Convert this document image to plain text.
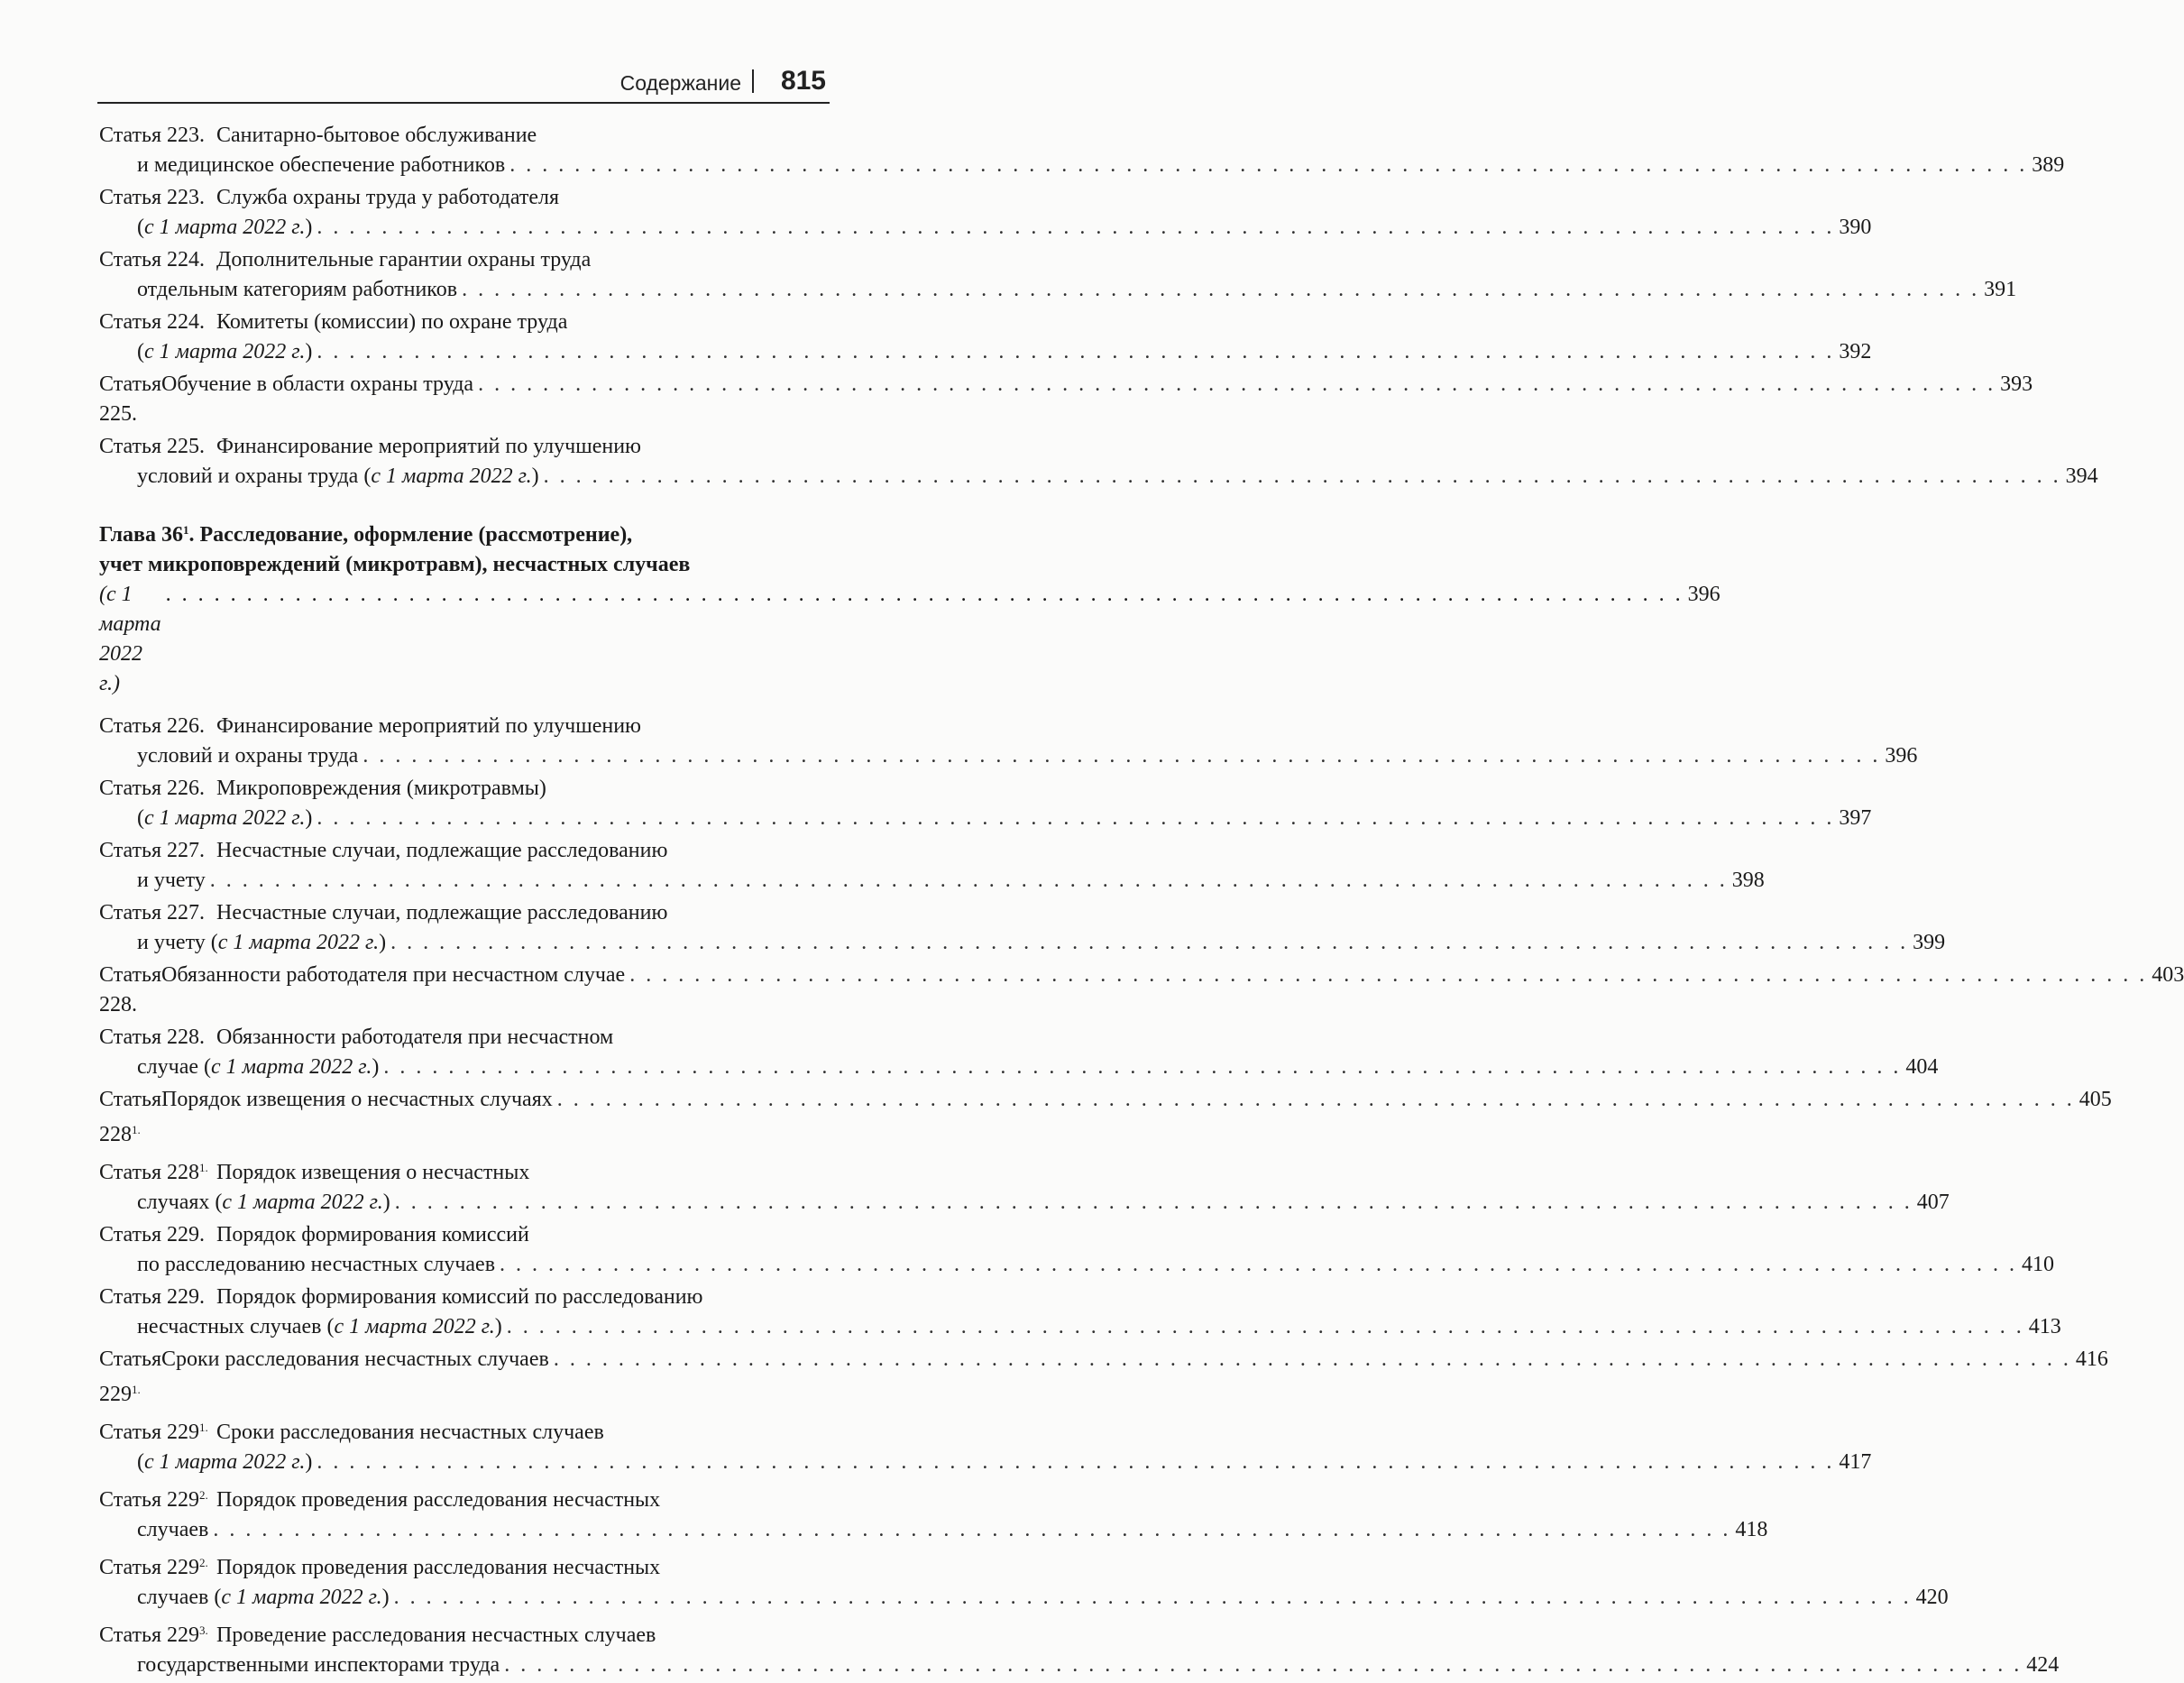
Содержание 815
Статья 223. Санитарно-бытовое обслуживание
и медицинское обеспечение работников . . . . . . . . . . . . . . . . . . . . . . . . . . . . . . . . . . . . . . . . . . . . . . . . . . . . . . . . . . . . . . . . . . . . . . . . . . . . . . . . . . . . . . . . . . . . . . 389
Статья 223. Служба охраны труда у работодателя
(с 1 марта 2022 г.) . . . . . . . . . . . . . . . . . . . . . . . . . . . . . . . . . . . . . . . . . . . . . . . . . . . . . . . . . . . . . . . . . . . . . . . . . . . . . . . . . . . . . . . . . . . . . . 390
Статья 224. Дополнительные гарантии охраны труда
отдельным категориям работников . . . . . . . . . . . . . . . . . . . . . . . . . . . . . . . . . . . . . . . . . . . . . . . . . . . . . . . . . . . . . . . . . . . . . . . . . . . . . . . . . . . . . . . . . . . . . . 391
Статья 224. Комитеты (комиссии) по охране труда
(с 1 марта 2022 г.) . . . . . . . . . . . . . . . . . . . . . . . . . . . . . . . . . . . . . . . . . . . . . . . . . . . . . . . . . . . . . . . . . . . . . . . . . . . . . . . . . . . . . . . . . . . . . . 392
Статья 225.
Обучение в области охраны труда . . . . . . . . . . . . . . . . . . . . . . . . . . . . . . . . . . . . . . . . . . . . . . . . . . . . . . . . . . . . . . . . . . . . . . . . . . . . . . . . . . . . . . . . . . . . . . 393
Статья 225. Финансирование мероприятий по улучшению
условий и охраны труда (с 1 марта 2022 г.) . . . . . . . . . . . . . . . . . . . . . . . . . . . . . . . . . . . . . . . . . . . . . . . . . . . . . . . . . . . . . . . . . . . . . . . . . . . . . . . . . . . . . . . . . . . . . . 394
Глава $36^1$. Расследование, оформление (рассмотрение),
учет микроповреждений (микротравм), несчастных случаев
(с 1 марта 2022 г.)
. . . . . . . . . . . . . . . . . . . . . . . . . . . . . . . . . . . . . . . . . . . . . . . . . . . . . . . . . . . . . . . . . . . . . . . . . . . . . . . . . . . . . . . . . . . . . . 396
Статья 226. Финансирование мероприятий по улучшению
условий и охраны труда . . . . . . . . . . . . . . . . . . . . . . . . . . . . . . . . . . . . . . . . . . . . . . . . . . . . . . . . . . . . . . . . . . . . . . . . . . . . . . . . . . . . . . . . . . . . . . 396
Статья 226. Микроповреждения (микротравмы)
(с 1 марта 2022 г.) . . . . . . . . . . . . . . . . . . . . . . . . . . . . . . . . . . . . . . . . . . . . . . . . . . . . . . . . . . . . . . . . . . . . . . . . . . . . . . . . . . . . . . . . . . . . . . 397
Статья 227. Несчастные случаи, подлежащие расследованию
и учету . . . . . . . . . . . . . . . . . . . . . . . . . . . . . . . . . . . . . . . . . . . . . . . . . . . . . . . . . . . . . . . . . . . . . . . . . . . . . . . . . . . . . . . . . . . . . . 398
Статья 227. Несчастные случаи, подлежащие расследованию
и учету (с 1 марта 2022 г.) . . . . . . . . . . . . . . . . . . . . . . . . . . . . . . . . . . . . . . . . . . . . . . . . . . . . . . . . . . . . . . . . . . . . . . . . . . . . . . . . . . . . . . . . . . . . . . 399
Статья 228.
Обязанности работодателя при несчастном случае . . . . . . . . . . . . . . . . . . . . . . . . . . . . . . . . . . . . . . . . . . . . . . . . . . . . . . . . . . . . . . . . . . . . . . . . . . . . . . . . . . . . . . . . . . . . . . 403
Статья 228. Обязанности работодателя при несчастном
случае (с 1 марта 2022 г.) . . . . . . . . . . . . . . . . . . . . . . . . . . . . . . . . . . . . . . . . . . . . . . . . . . . . . . . . . . . . . . . . . . . . . . . . . . . . . . . . . . . . . . . . . . . . . . 404
Статья $228^{1.}$
Порядок извещения о несчастных случаях . . . . . . . . . . . . . . . . . . . . . . . . . . . . . . . . . . . . . . . . . . . . . . . . . . . . . . . . . . . . . . . . . . . . . . . . . . . . . . . . . . . . . . . . . . . . . . 405
Статья $228^{1.}$ Порядок извещения о несчастных
случаях (с 1 марта 2022 г.) . . . . . . . . . . . . . . . . . . . . . . . . . . . . . . . . . . . . . . . . . . . . . . . . . . . . . . . . . . . . . . . . . . . . . . . . . . . . . . . . . . . . . . . . . . . . . . 407
Статья 229. Порядок формирования комиссий
по расследованию несчастных случаев . . . . . . . . . . . . . . . . . . . . . . . . . . . . . . . . . . . . . . . . . . . . . . . . . . . . . . . . . . . . . . . . . . . . . . . . . . . . . . . . . . . . . . . . . . . . . . 410
Статья 229. Порядок формирования комиссий по расследованию
несчастных случаев (с 1 марта 2022 г.) . . . . . . . . . . . . . . . . . . . . . . . . . . . . . . . . . . . . . . . . . . . . . . . . . . . . . . . . . . . . . . . . . . . . . . . . . . . . . . . . . . . . . . . . . . . . . . 413
Статья $229^{1.}$
Сроки расследования несчастных случаев . . . . . . . . . . . . . . . . . . . . . . . . . . . . . . . . . . . . . . . . . . . . . . . . . . . . . . . . . . . . . . . . . . . . . . . . . . . . . . . . . . . . . . . . . . . . . . 416
Статья $229^{1.}$ Сроки расследования несчастных случаев
(с 1 марта 2022 г.) . . . . . . . . . . . . . . . . . . . . . . . . . . . . . . . . . . . . . . . . . . . . . . . . . . . . . . . . . . . . . . . . . . . . . . . . . . . . . . . . . . . . . . . . . . . . . . 417
Статья $229^{2.}$ Порядок проведения расследования несчастных
случаев . . . . . . . . . . . . . . . . . . . . . . . . . . . . . . . . . . . . . . . . . . . . . . . . . . . . . . . . . . . . . . . . . . . . . . . . . . . . . . . . . . . . . . . . . . . . . . 418
Статья $229^{2.}$ Порядок проведения расследования несчастных
случаев (с 1 марта 2022 г.) . . . . . . . . . . . . . . . . . . . . . . . . . . . . . . . . . . . . . . . . . . . . . . . . . . . . . . . . . . . . . . . . . . . . . . . . . . . . . . . . . . . . . . . . . . . . . . 420
Статья $229^{3.}$ Проведение расследования несчастных случаев
государственными инспекторами труда . . . . . . . . . . . . . . . . . . . . . . . . . . . . . . . . . . . . . . . . . . . . . . . . . . . . . . . . . . . . . . . . . . . . . . . . . . . . . . . . . . . . . . . . . . . . . . 424
